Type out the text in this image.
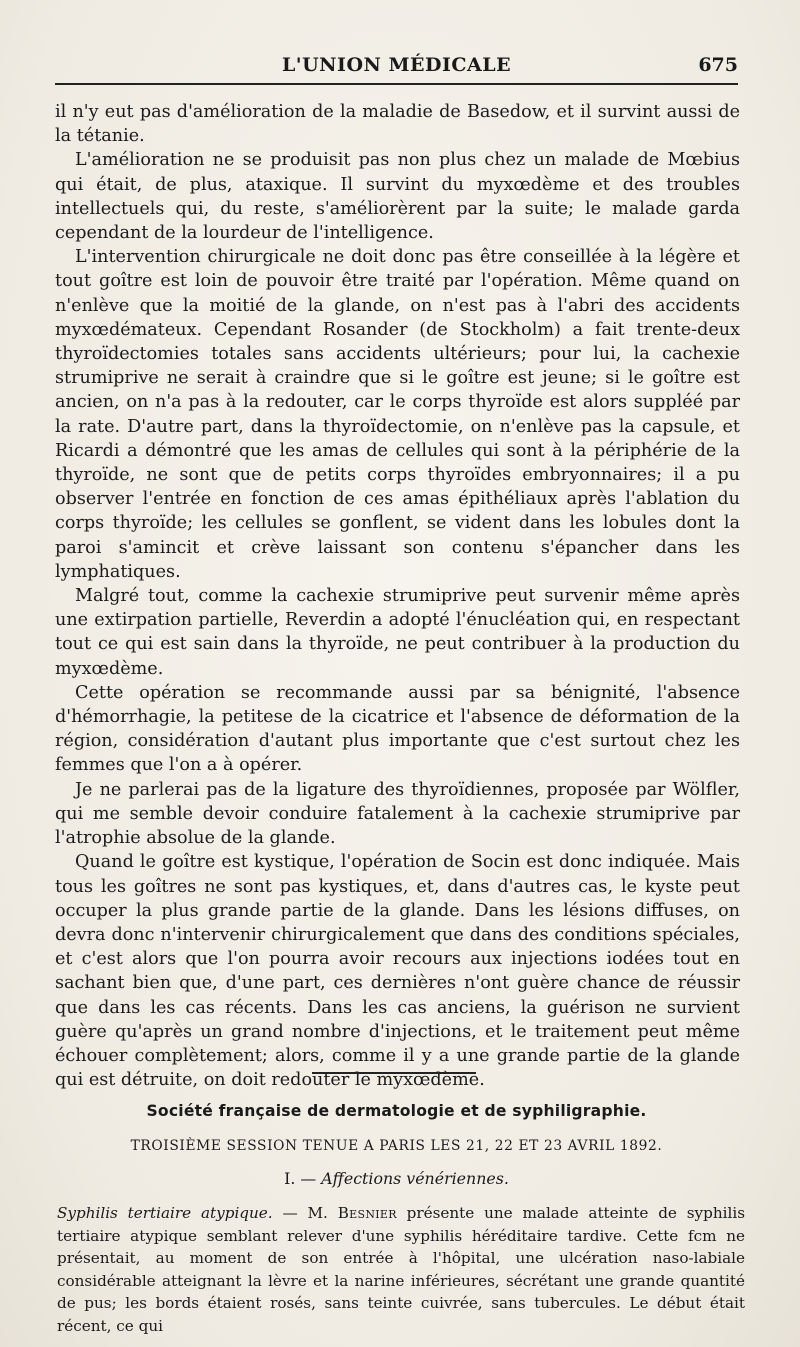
L'UNION MÉDICALE	675

il n'y eut pas d'amélioration de la maladie de Basedow, et il survint aussi de la tétanie.

L'amélioration ne se produisit pas non plus chez un malade de Mœbius qui était, de plus, ataxique. Il survint du myxœdème et des troubles intellectuels qui, du reste, s'améliorèrent par la suite; le malade garda cependant de la lourdeur de l'intelligence.

L'intervention chirurgicale ne doit donc pas être conseillée à la légère et tout goître est loin de pouvoir être traité par l'opération. Même quand on n'enlève que la moitié de la glande, on n'est pas à l'abri des accidents myxœdémateux. Cependant Rosander (de Stockholm) a fait trente-deux thyroïdectomies totales sans accidents ultérieurs; pour lui, la cachexie strumiprive ne serait à craindre que si le goître est jeune; si le goître est ancien, on n'a pas à la redouter, car le corps thyroïde est alors suppléé par la rate. D'autre part, dans la thyroïdectomie, on n'enlève pas la capsule, et Ricardi a démontré que les amas de cellules qui sont à la périphérie de la thyroïde, ne sont que de petits corps thyroïdes embryonnaires; il a pu observer l'entrée en fonction de ces amas épithéliaux après l'ablation du corps thyroïde; les cellules se gonflent, se vident dans les lobules dont la paroi s'amincit et crève laissant son contenu s'épancher dans les lymphatiques.

Malgré tout, comme la cachexie strumiprive peut survenir même après une extirpation partielle, Reverdin a adopté l'énucléation qui, en respectant tout ce qui est sain dans la thyroïde, ne peut contribuer à la production du myxœdème.

Cette opération se recommande aussi par sa bénignité, l'absence d'hémorrhagie, la petitese de la cicatrice et l'absence de déformation de la région, considération d'autant plus importante que c'est surtout chez les femmes que l'on a à opérer.

Je ne parlerai pas de la ligature des thyroïdiennes, proposée par Wölfler, qui me semble devoir conduire fatalement à la cachexie strumiprive par l'atrophie absolue de la glande.

Quand le goître est kystique, l'opération de Socin est donc indiquée. Mais tous les goîtres ne sont pas kystiques, et, dans d'autres cas, le kyste peut occuper la plus grande partie de la glande. Dans les lésions diffuses, on devra donc n'intervenir chirurgicalement que dans des conditions spéciales, et c'est alors que l'on pourra avoir recours aux injections iodées tout en sachant bien que, d'une part, ces dernières n'ont guère chance de réussir que dans les cas récents. Dans les cas anciens, la guérison ne survient guère qu'après un grand nombre d'injections, et le traitement peut même échouer complètement; alors, comme il y a une grande partie de la glande qui est détruite, on doit redouter le myxœdème.

Société française de dermatologie et de syphiligraphie.
TROISIÈME SESSION TENUE A PARIS LES 21, 22 ET 23 AVRIL 1892.
I. — Affections vénériennes.

Syphilis tertiaire atypique. — M. Besnier présente une malade atteinte de syphilis tertiaire atypique semblant relever d'une syphilis héréditaire tardive. Cette fcm ne présentait, au moment de son entrée à l'hôpital, une ulcération naso-labiale considérable atteignant la lèvre et la narine inférieures, sécrétant une grande quantité de pus; les bords étaient rosés, sans teinte cuivrée, sans tubercules. Le début était récent, ce qui
